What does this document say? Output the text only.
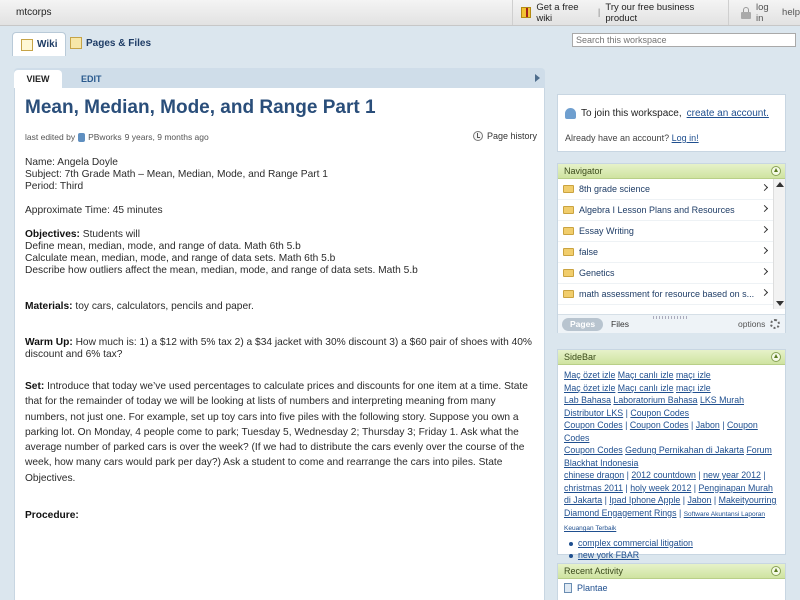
mtcorps	Get a free wiki	| Try our free business product
log in	help
Wiki	Pages & Files
Search this workspace
VIEW	EDIT
Mean, Median, Mode, and Range Part 1
last edited by PBworks 9 years, 9 months ago	Page history

Name: Angela Doyle
Subject: 7th Grade Math – Mean, Median, Mode, and Range Part 1
Period: Third

Approximate Time: 45 minutes

Objectives: Students will
Define mean, median, mode, and range of data. Math 6th 5.b
Calculate mean, median, mode, and range of data sets. Math 6th 5.b
Describe how outliers affect the mean, median, mode, and range of data sets. Math 5.b

Materials: toy cars, calculators, pencils and paper.

Warm Up: How much is: 1) a $12 with 5% tax 2) a $34 jacket with 30% discount 3) a $60 pair of shoes with 40% discount and 6% tax?

Set: Introduce that today we’ve used percentages to calculate prices and discounts for one item at a time. State that for the remainder of today we will be looking at lists of numbers and interpreting meaning from many numbers, not just one. For example, set up toy cars into five piles with the following story. Suppose you own a parking lot. On Monday, 4 people come to park; Tuesday 5, Wednesday 2; Thursday 3; Friday 1. Ask what the average number of parked cars is over the week? (If we had to distribute the cars evenly over the course of the week, how many cars would park per day?) Ask a student to come and rearrange the cars into piles. State Objectives.

Procedure:

To join this workspace, create an account.
Already have an account? Log in!
Navigator
8th grade science
Algebra I Lesson Plans and Resources
Essay Writing
false
Genetics
math assessment for resource based on s...
Pages	Files	options
SideBar
Maç özet izle Maçı canlı izle maçı izle
Maç özet izle Maçı canlı izle maçı izle
Lab Bahasa Laboratorium Bahasa LKS Murah Distributor LKS | Coupon Codes
Coupon Codes | Coupon Codes | Jabon | Coupon Codes
Coupon Codes Gedung Pernikahan di Jakarta Forum Blackhat Indonesia
chinese dragon | 2012 countdown | new year 2012 |
christmas 2011 | holy week 2012 | Penginapan Murah di Jakarta | Ipad Iphone Apple | Jabon | Makeityourring Diamond Engagement Rings | Software Akuntansi Laporan Keuangan Terbaik
complex commercial litigation
new york FBAR
Recent Activity
Plantae
